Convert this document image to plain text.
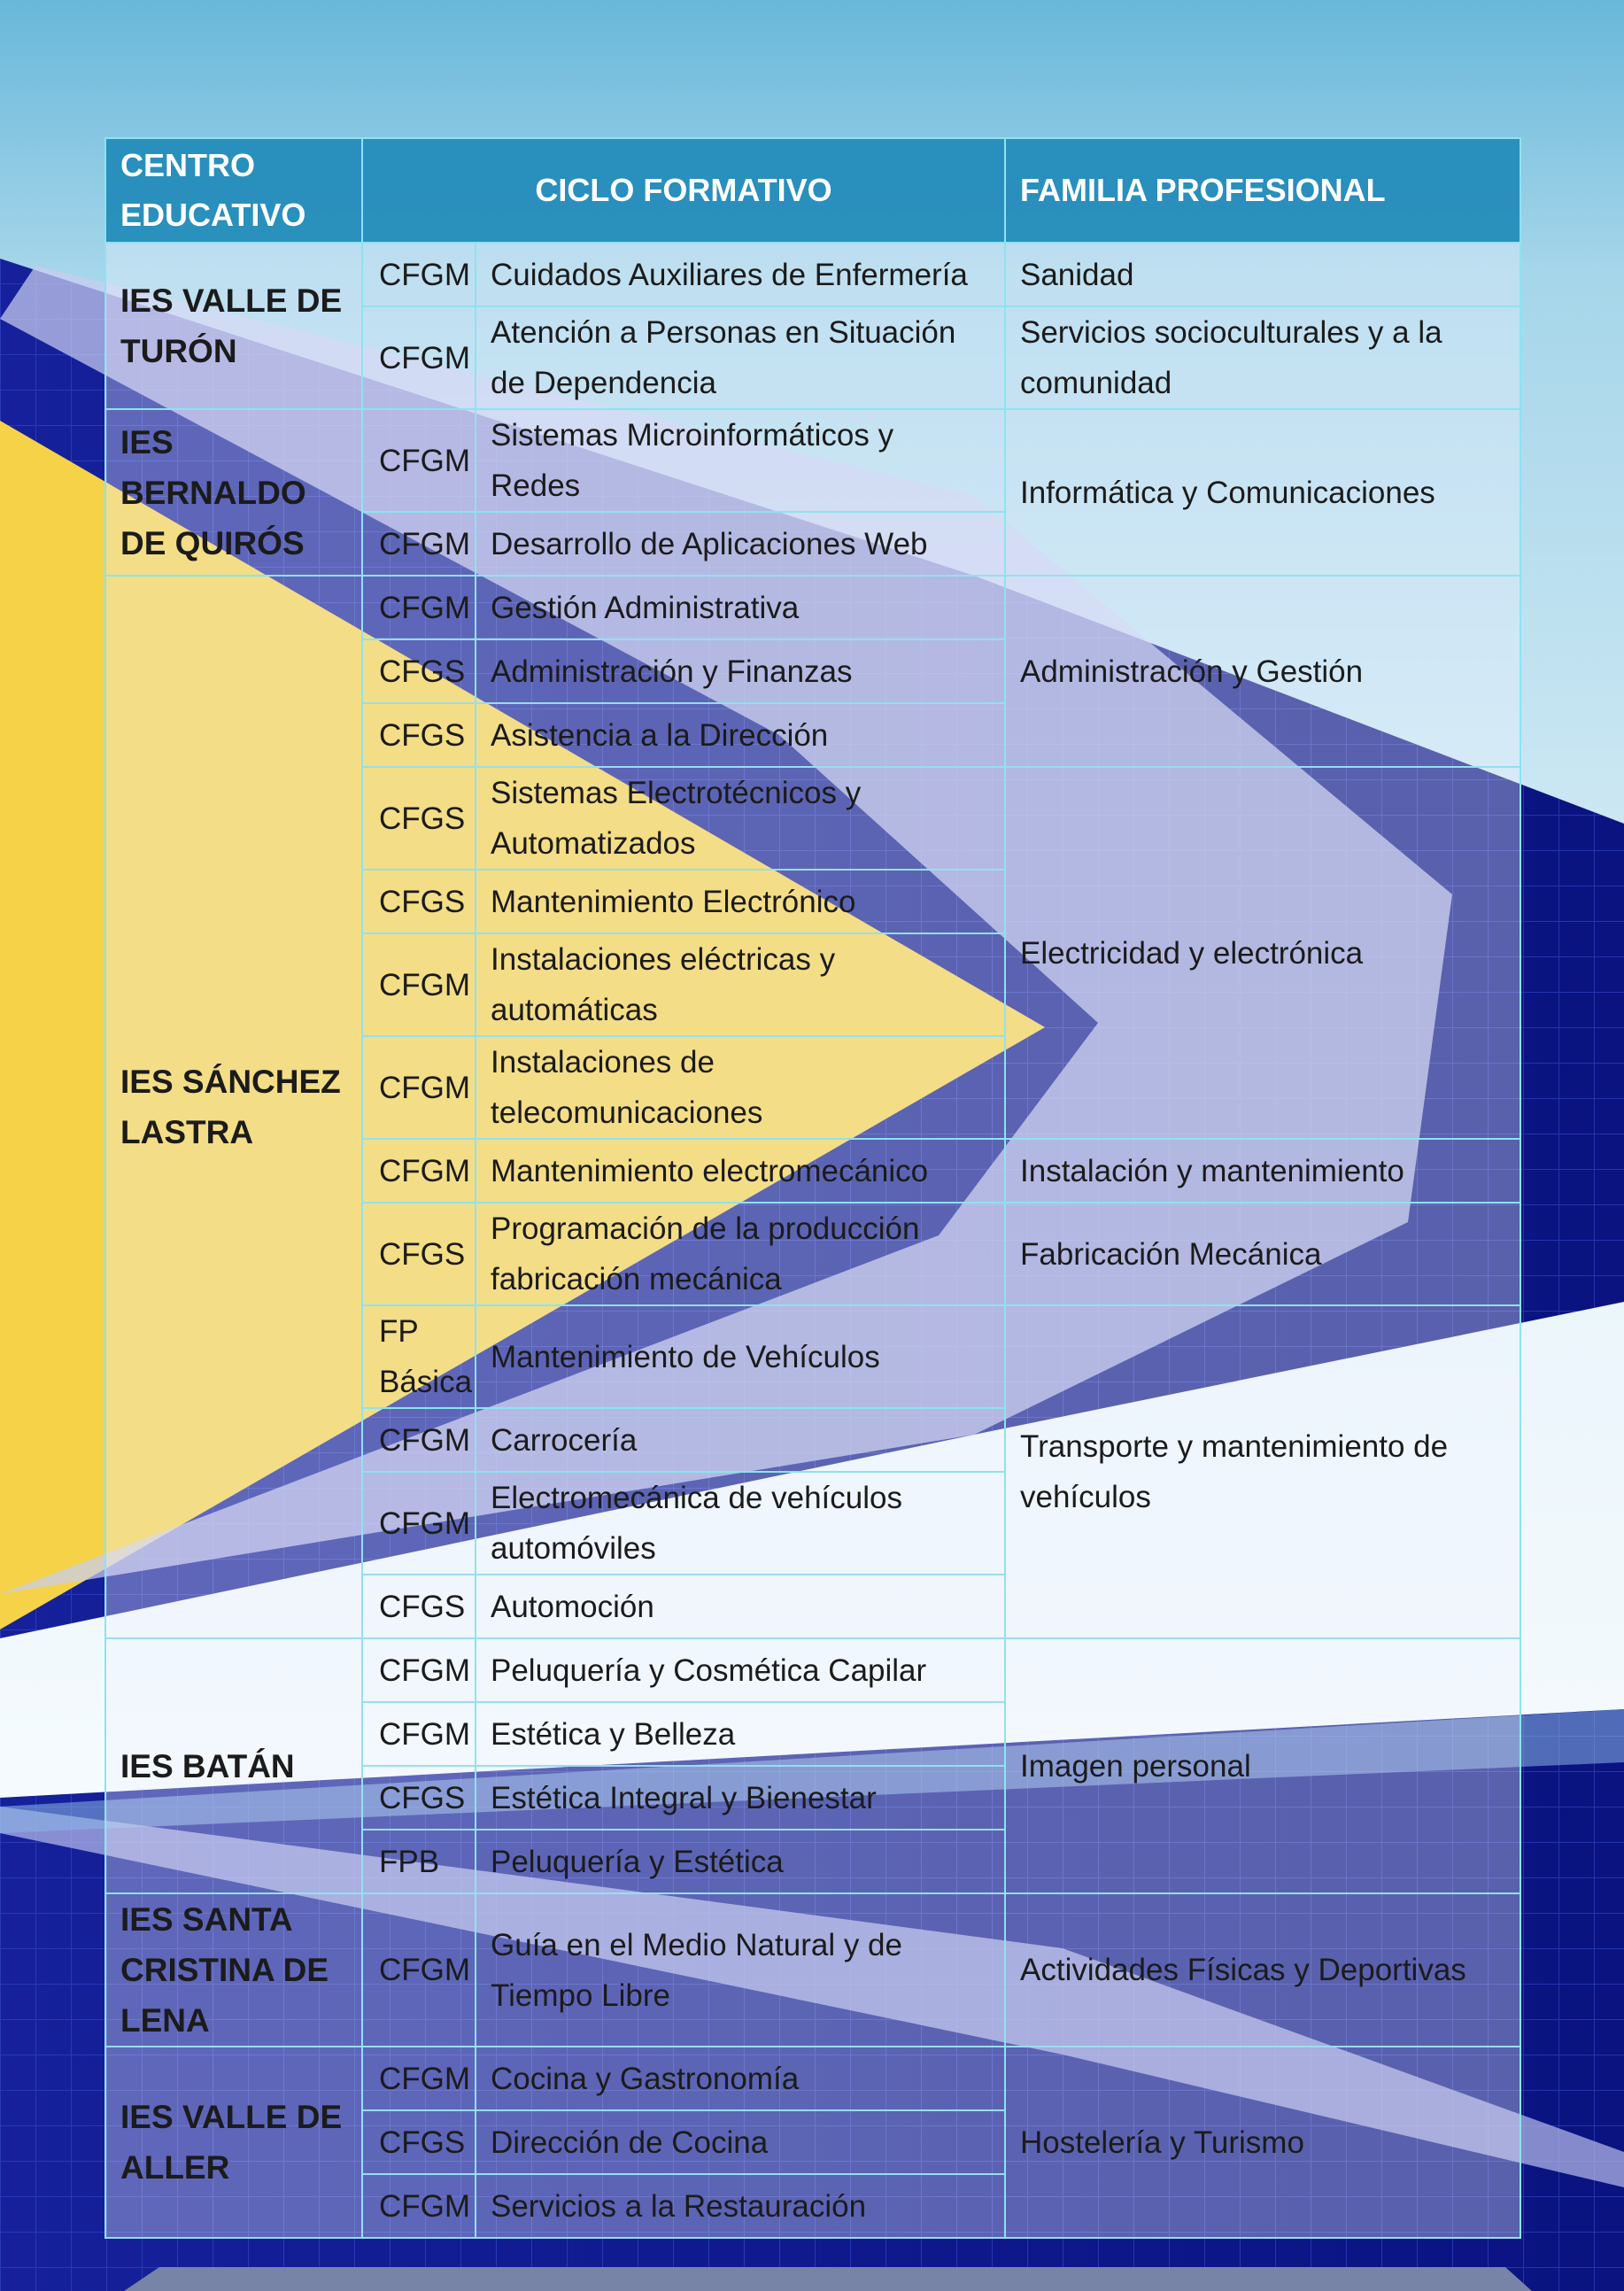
CENTRO EDUCATIVO	CICLO FORMATIVO		FAMILIA PROFESIONAL
IES VALLE DE TURÓN	CFGM	Cuidados Auxiliares de Enfermería	Sanidad
	CFGM	Atención a Personas en Situación de Dependencia	Servicios socioculturales y a la comunidad
IES BERNALDO DE QUIRÓS	CFGM	Sistemas Microinformáticos y Redes	Informática y Comunicaciones
	CFGM	Desarrollo de Aplicaciones Web	
IES SÁNCHEZ LASTRA	CFGM	Gestión Administrativa	Administración y Gestión
	CFGS	Administración y Finanzas	
	CFGS	Asistencia a la Dirección	
	CFGS	Sistemas Electrotécnicos y Automatizados	Electricidad y electrónica
	CFGS	Mantenimiento Electrónico	
	CFGM	Instalaciones eléctricas y automáticas	
	CFGM	Instalaciones de telecomunicaciones	
	CFGM	Mantenimiento electromecánico	Instalación y mantenimiento
	CFGS	Programación de la producción fabricación mecánica	Fabricación Mecánica
	FP Básica	Mantenimiento de Vehículos	Transporte y mantenimiento de vehículos
	CFGM	Carrocería	
	CFGM	Electromecánica de vehículos automóviles	
	CFGS	Automoción	
IES BATÁN	CFGM	Peluquería y Cosmética Capilar	Imagen personal
	CFGM	Estética y Belleza	
	CFGS	Estética Integral y Bienestar	
	FPB	Peluquería y Estética	
IES SANTA CRISTINA DE LENA	CFGM	Guía en el Medio Natural y de Tiempo Libre	Actividades Físicas y Deportivas
IES VALLE DE ALLER	CFGM	Cocina y Gastronomía	Hostelería y Turismo
	CFGS	Dirección de Cocina	
	CFGM	Servicios a la Restauración	
